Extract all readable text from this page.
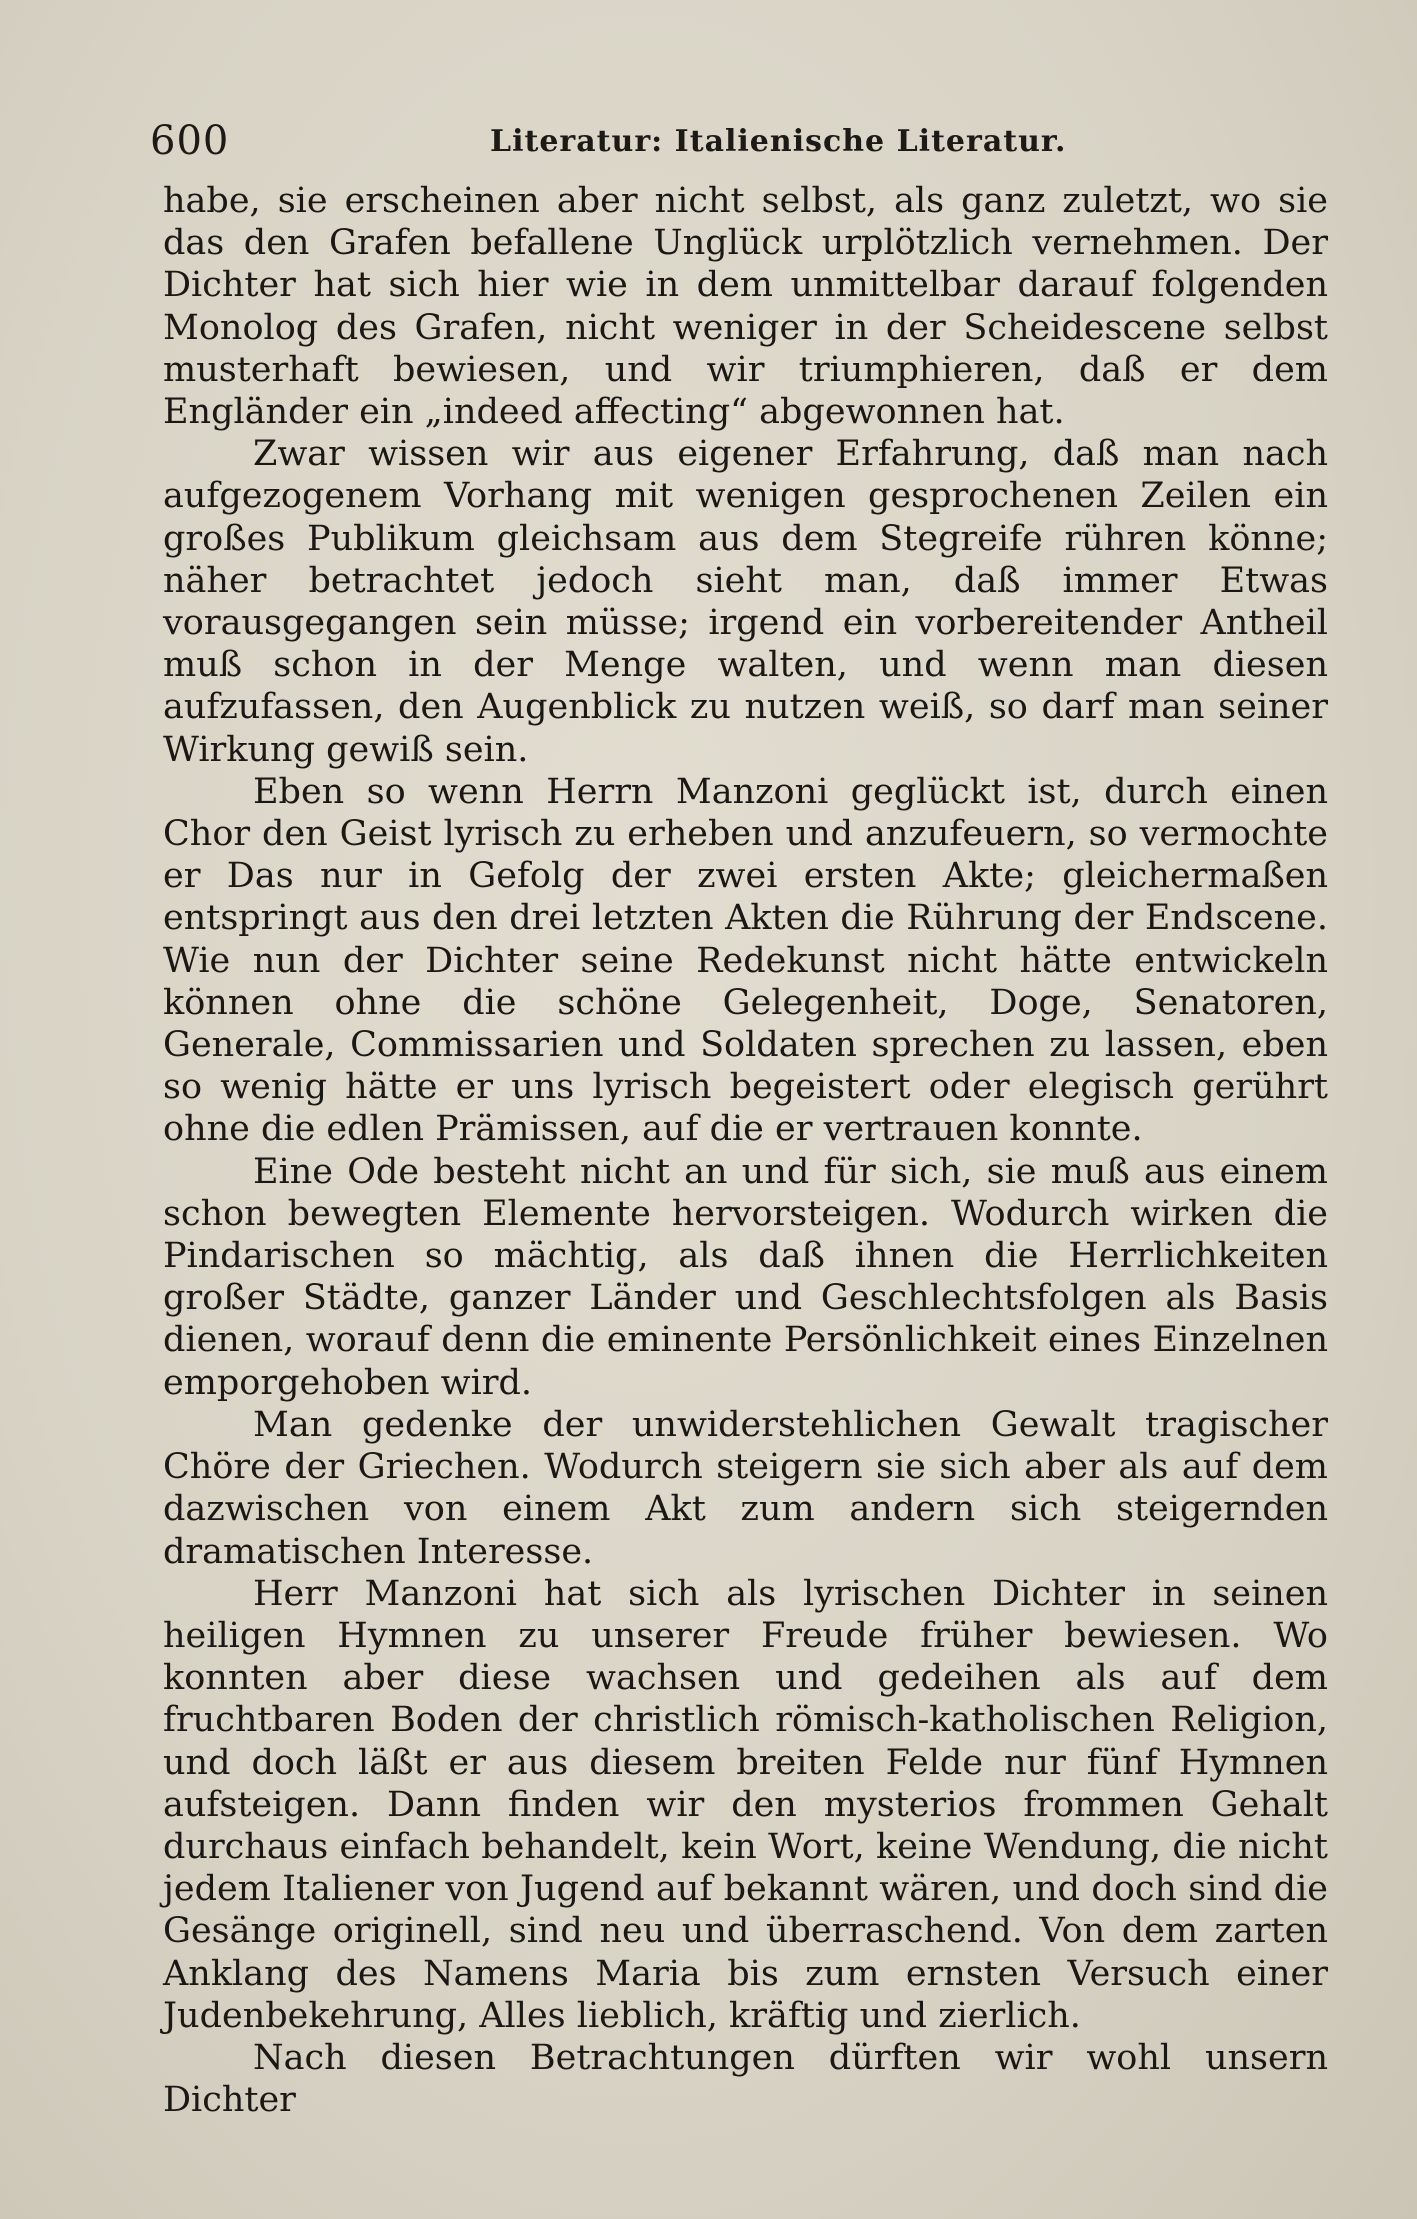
600	Literatur: Italienische Literatur.

habe, sie erscheinen aber nicht selbst, als ganz zuletzt, wo sie das den Grafen befallene Unglück urplötzlich vernehmen. Der Dichter hat sich hier wie in dem unmittelbar darauf folgenden Monolog des Grafen, nicht weniger in der Scheidescene selbst musterhaft bewiesen, und wir triumphieren, daß er dem Engländer ein „indeed affecting“ abgewonnen hat.

Zwar wissen wir aus eigener Erfahrung, daß man nach aufgezogenem Vorhang mit wenigen gesprochenen Zeilen ein großes Publikum gleichsam aus dem Stegreife rühren könne; näher betrachtet jedoch sieht man, daß immer Etwas vorausgegangen sein müsse; irgend ein vorbereitender Antheil muß schon in der Menge walten, und wenn man diesen aufzufassen, den Augenblick zu nutzen weiß, so darf man seiner Wirkung gewiß sein.

Eben so wenn Herrn Manzoni geglückt ist, durch einen Chor den Geist lyrisch zu erheben und anzufeuern, so vermochte er Das nur in Gefolg der zwei ersten Akte; gleichermaßen entspringt aus den drei letzten Akten die Rührung der Endscene. Wie nun der Dichter seine Redekunst nicht hätte entwickeln können ohne die schöne Gelegenheit, Doge, Senatoren, Generale, Commissarien und Soldaten sprechen zu lassen, eben so wenig hätte er uns lyrisch begeistert oder elegisch gerührt ohne die edlen Prämissen, auf die er vertrauen konnte.

Eine Ode besteht nicht an und für sich, sie muß aus einem schon bewegten Elemente hervorsteigen. Wodurch wirken die Pindarischen so mächtig, als daß ihnen die Herrlichkeiten großer Städte, ganzer Länder und Geschlechtsfolgen als Basis dienen, worauf denn die eminente Persönlichkeit eines Einzelnen emporgehoben wird.

Man gedenke der unwiderstehlichen Gewalt tragischer Chöre der Griechen. Wodurch steigern sie sich aber als auf dem dazwischen von einem Akt zum andern sich steigernden dramatischen Interesse.

Herr Manzoni hat sich als lyrischen Dichter in seinen heiligen Hymnen zu unserer Freude früher bewiesen. Wo konnten aber diese wachsen und gedeihen als auf dem fruchtbaren Boden der christlich römisch-katholischen Religion, und doch läßt er aus diesem breiten Felde nur fünf Hymnen aufsteigen. Dann finden wir den mysterios frommen Gehalt durchaus einfach behandelt, kein Wort, keine Wendung, die nicht jedem Italiener von Jugend auf bekannt wären, und doch sind die Gesänge originell, sind neu und überraschend. Von dem zarten Anklang des Namens Maria bis zum ernsten Versuch einer Judenbekehrung, Alles lieblich, kräftig und zierlich.

Nach diesen Betrachtungen dürften wir wohl unsern Dichter
